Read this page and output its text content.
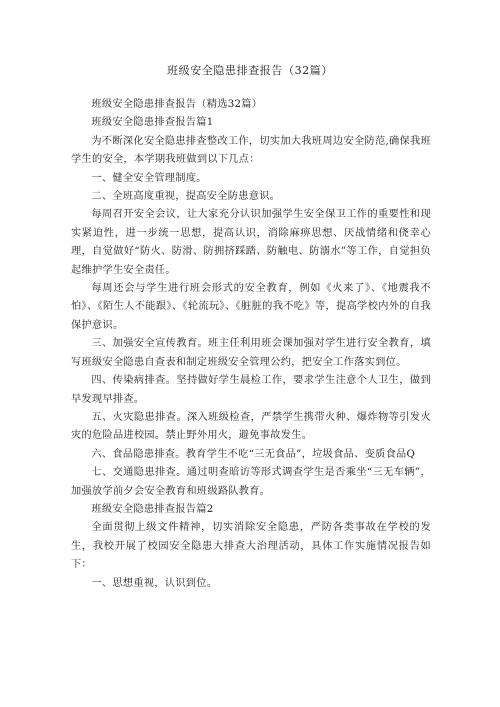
班级安全隐患排查报告（32篇）

班级安全隐患排查报告（精选32篇）

班级安全隐患排查报告篇1

为不断深化安全隐患排查整改工作，切实加大我班周边安全防范,确保我班学生的安全，本学期我班做到以下几点：

一、健全安全管理制度。

二、全班高度重视，提高安全防患意识。

每周召开安全会议，让大家充分认识加强学生安全保卫工作的重要性和现实紧迫性，进一步统一思想，提高认识，消除麻痹思想、厌战情绪和侥幸心理，自觉做好“防火、防滑、防拥挤踩踏、防触电、防溺水”等工作，自觉担负起维护学生安全责任。

每周还会与学生进行班会形式的安全教育，例如《火来了》、《地震我不怕》、《陌生人不能跟》、《轮流玩》、《脏脏的我不吃》等，提高学校内外的自我保护意识。

三、加强安全宣传教育。班主任利用班会课加强对学生进行安全教育，填写班级安全隐患自查表和制定班级安全管理公约，把安全工作落实到位。

四、传染病排查。坚持做好学生晨检工作，要求学生注意个人卫生，做到早发现早排查。

五、火灾隐患排查。深入班级检查，严禁学生携带火种、爆炸物等引发火灾的危险品进校园。禁止野外用火，避免事故发生。

六、食品隐患排查。教育学生不吃“三无食品”，垃圾食品、变质食品Q

七、交通隐患排查。通过明查暗访等形式调查学生是否乘坐“三无车辆”，加强放学前夕会安全教育和班级路队教育。

班级安全隐患排查报告篇2

全面贯彻上级文件精神，切实消除安全隐患，严防各类事故在学校的发生，我校开展了校园安全隐患大排查大治理活动，具体工作实施情况报告如下：

一、思想重视，认识到位。
